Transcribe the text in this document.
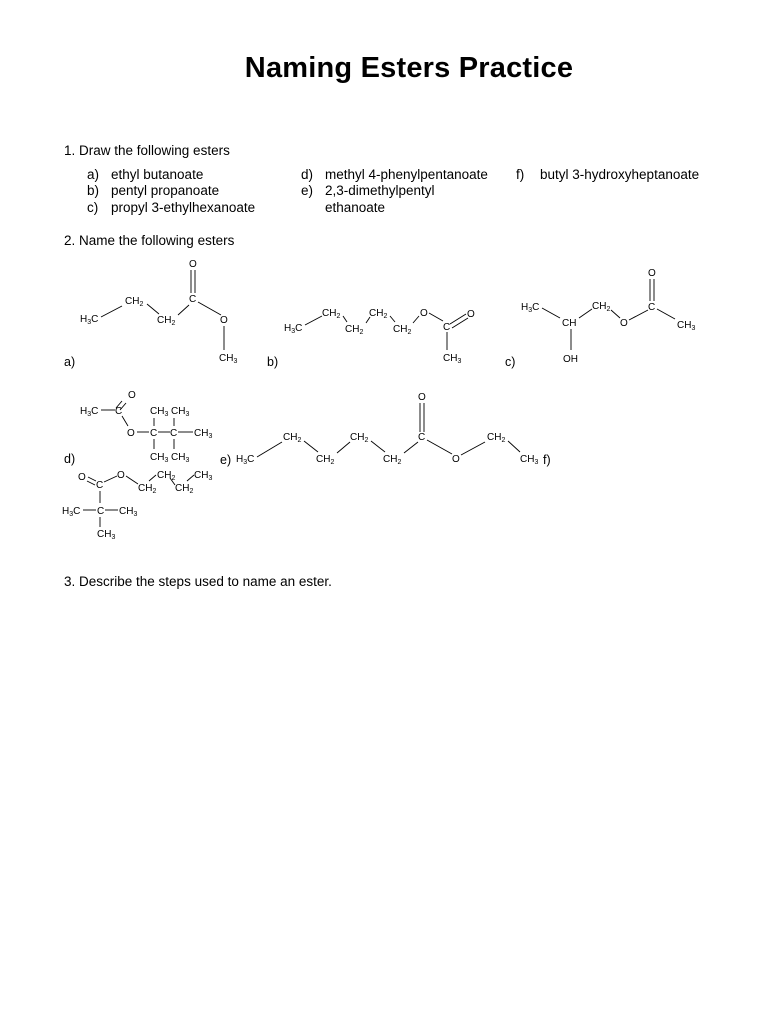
Naming Esters Practice
1. Draw the following esters
a) ethyl butanoate
b) pentyl propanoate
c) propyl 3-ethylhexanoate
d) methyl 4-phenylpentanoate
e) 2,3-dimethylpentyl
ethanoate
f) butyl 3-hydroxyheptanoate
2. Name the following esters
a)	b)	c)
d)	e)	f)
$H_3C$
$CH_2$
$CH_2$
C
O
O
$CH_3$
$H_3C$
$CH_2$
$CH_2$
$CH_2$
$CH_2$
O
C
O
$CH_3$
$H_3C$
CH
$CH_2$
O
C
O
$CH_3$
OH
O
$H_3C$ C
O C C $CH_3$
$CH_3$ $CH_3$
$CH_3$ $CH_3$	$H_3C$
$CH_2$
$CH_2$
$CH_2$
$CH_2$
C
O
O
$CH_2$
$CH_3$
O
C
O
$CH_2$
$CH_2$
$CH_2$
$CH_3$
$H_3C$ C $CH_3$
$CH_3$
3. Describe the steps used to name an ester.
